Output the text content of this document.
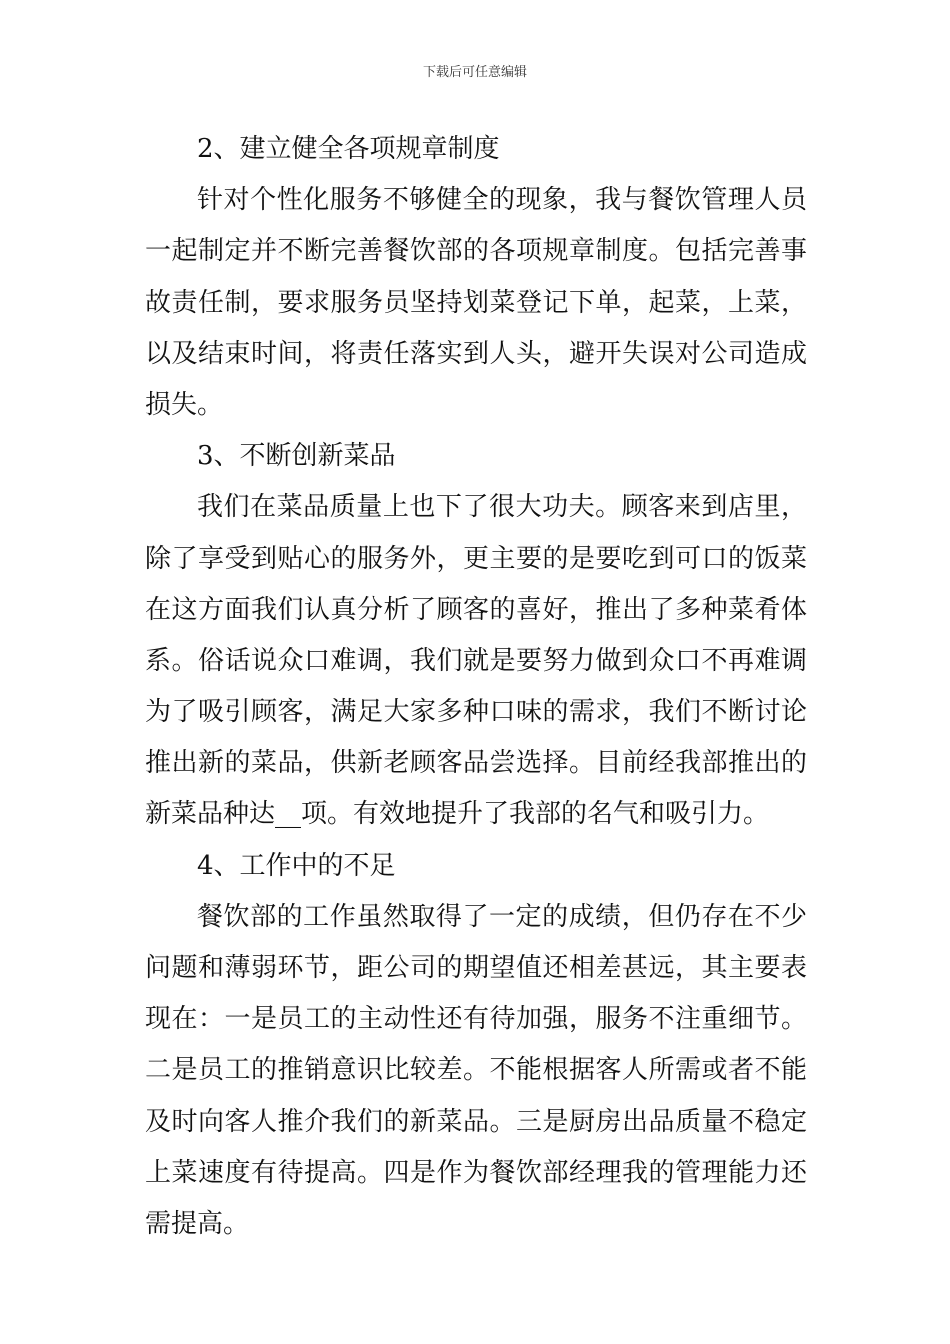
下载后可任意编辑
2、建立健全各项规章制度
针对个性化服务不够健全的现象，我与餐饮管理人员
一起制定并不断完善餐饮部的各项规章制度。包括完善事
故责任制，要求服务员坚持划菜登记下单，起菜，上菜，
以及结束时间，将责任落实到人头，避开失误对公司造成
损失。
3、不断创新菜品
我们在菜品质量上也下了很大功夫。顾客来到店里，
除了享受到贴心的服务外，更主要的是要吃到可口的饭菜
在这方面我们认真分析了顾客的喜好，推出了多种菜肴体
系。俗话说众口难调，我们就是要努力做到众口不再难调
为了吸引顾客，满足大家多种口味的需求，我们不断讨论
推出新的菜品，供新老顾客品尝选择。目前经我部推出的
新菜品种达__项。有效地提升了我部的名气和吸引力。
4、工作中的不足
餐饮部的工作虽然取得了一定的成绩，但仍存在不少
问题和薄弱环节，距公司的期望值还相差甚远，其主要表
现在：一是员工的主动性还有待加强，服务不注重细节。
二是员工的推销意识比较差。不能根据客人所需或者不能
及时向客人推介我们的新菜品。三是厨房出品质量不稳定
上菜速度有待提高。四是作为餐饮部经理我的管理能力还
需提高。
